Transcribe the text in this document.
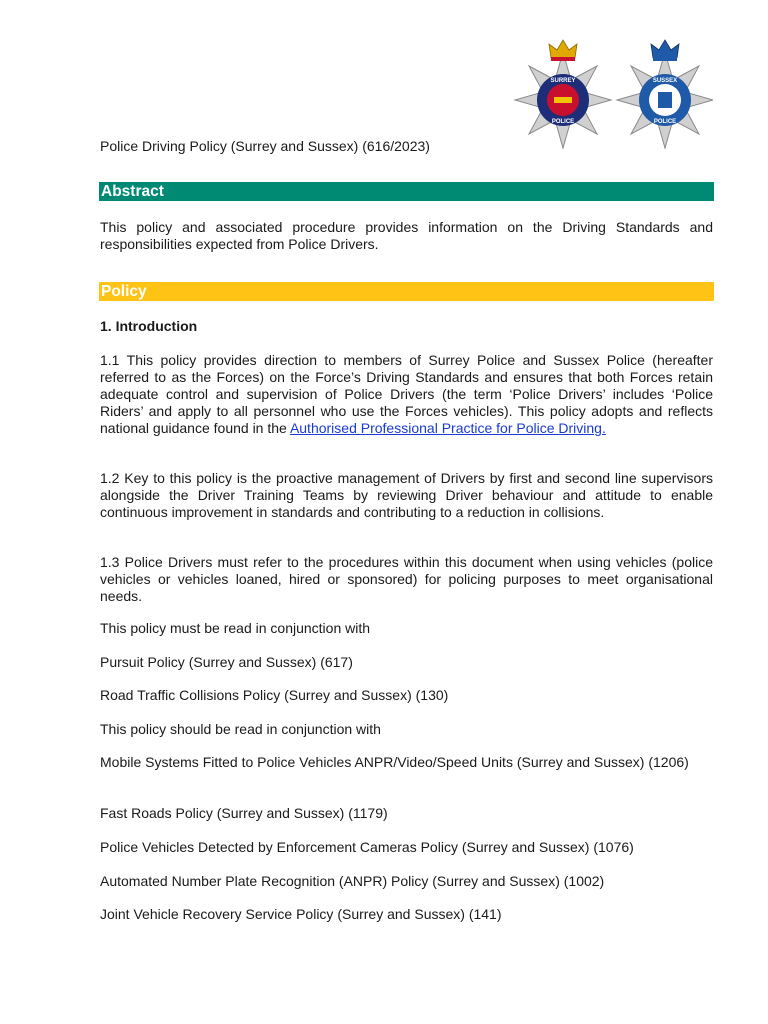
SURREY
POLICE
SUSSEX
POLICE
Police Driving Policy (Surrey and Sussex) (616/2023)
Abstract
This policy and associated procedure provides information on the Driving Standards and responsibilities expected from Police Drivers.
Policy
1. Introduction
1.1 This policy provides direction to members of Surrey Police and Sussex Police (hereafter referred to as the Forces) on the Force’s Driving Standards and ensures that both Forces retain adequate control and supervision of Police Drivers (the term ‘Police Drivers’ includes ‘Police Riders’ and apply to all personnel who use the Forces vehicles). This policy adopts and reflects national guidance found in the Authorised Professional Practice for Police Driving.
1.2 Key to this policy is the proactive management of Drivers by first and second line supervisors alongside the Driver Training Teams by reviewing Driver behaviour and attitude to enable continuous improvement in standards and contributing to a reduction in collisions.
1.3 Police Drivers must refer to the procedures within this document when using vehicles (police vehicles or vehicles loaned, hired or sponsored) for policing purposes to meet organisational needs.
This policy must be read in conjunction with
Pursuit Policy (Surrey and Sussex) (617)
Road Traffic Collisions Policy (Surrey and Sussex) (130)
This policy should be read in conjunction with
Mobile Systems Fitted to Police Vehicles ANPR/Video/Speed Units (Surrey and Sussex) (1206)
Fast Roads Policy (Surrey and Sussex) (1179)
Police Vehicles Detected by Enforcement Cameras Policy (Surrey and Sussex) (1076)
Automated Number Plate Recognition (ANPR) Policy (Surrey and Sussex) (1002)
Joint Vehicle Recovery Service Policy (Surrey and Sussex) (141)
